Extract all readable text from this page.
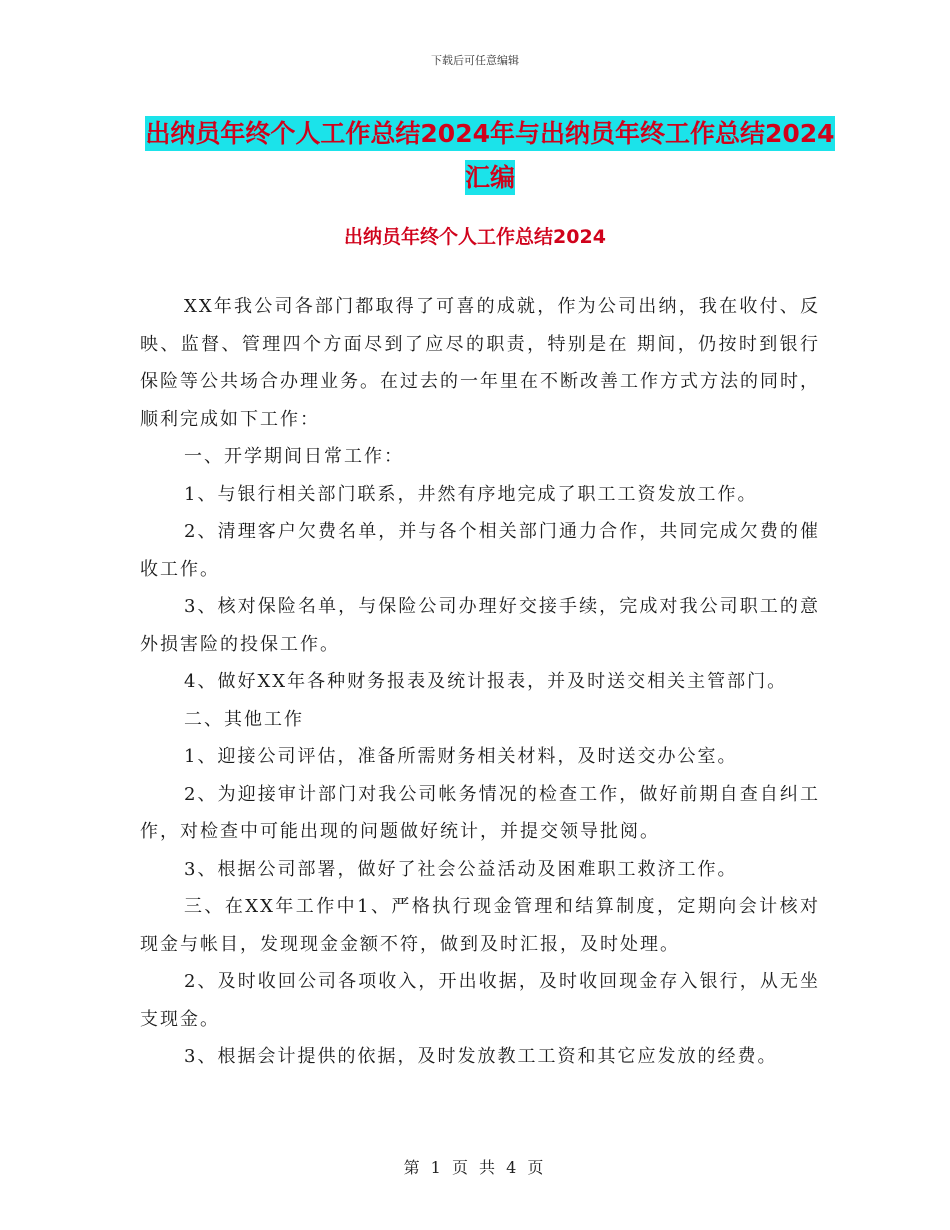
下载后可任意编辑
出纳员年终个人工作总结2024年与出纳员年终工作总结2024汇编
出纳员年终个人工作总结2024

XX年我公司各部门都取得了可喜的成就，作为公司出纳，我在收付、反映、监督、管理四个方面尽到了应尽的职责，特别是在 期间，仍按时到银行保险等公共场合办理业务。在过去的一年里在不断改善工作方式方法的同时，顺利完成如下工作：

一、开学期间日常工作：

1、与银行相关部门联系，井然有序地完成了职工工资发放工作。

2、清理客户欠费名单，并与各个相关部门通力合作，共同完成欠费的催收工作。

3、核对保险名单，与保险公司办理好交接手续，完成对我公司职工的意外损害险的投保工作。

4、做好XX年各种财务报表及统计报表，并及时送交相关主管部门。

二、其他工作

1、迎接公司评估，准备所需财务相关材料，及时送交办公室。

2、为迎接审计部门对我公司帐务情况的检查工作，做好前期自查自纠工作，对检查中可能出现的问题做好统计，并提交领导批阅。

3、根据公司部署，做好了社会公益活动及困难职工救济工作。

三、在XX年工作中1、严格执行现金管理和结算制度，定期向会计核对现金与帐目，发现现金金额不符，做到及时汇报，及时处理。

2、及时收回公司各项收入，开出收据，及时收回现金存入银行，从无坐支现金。

3、根据会计提供的依据，及时发放教工工资和其它应发放的经费。

第 1 页 共 4 页
